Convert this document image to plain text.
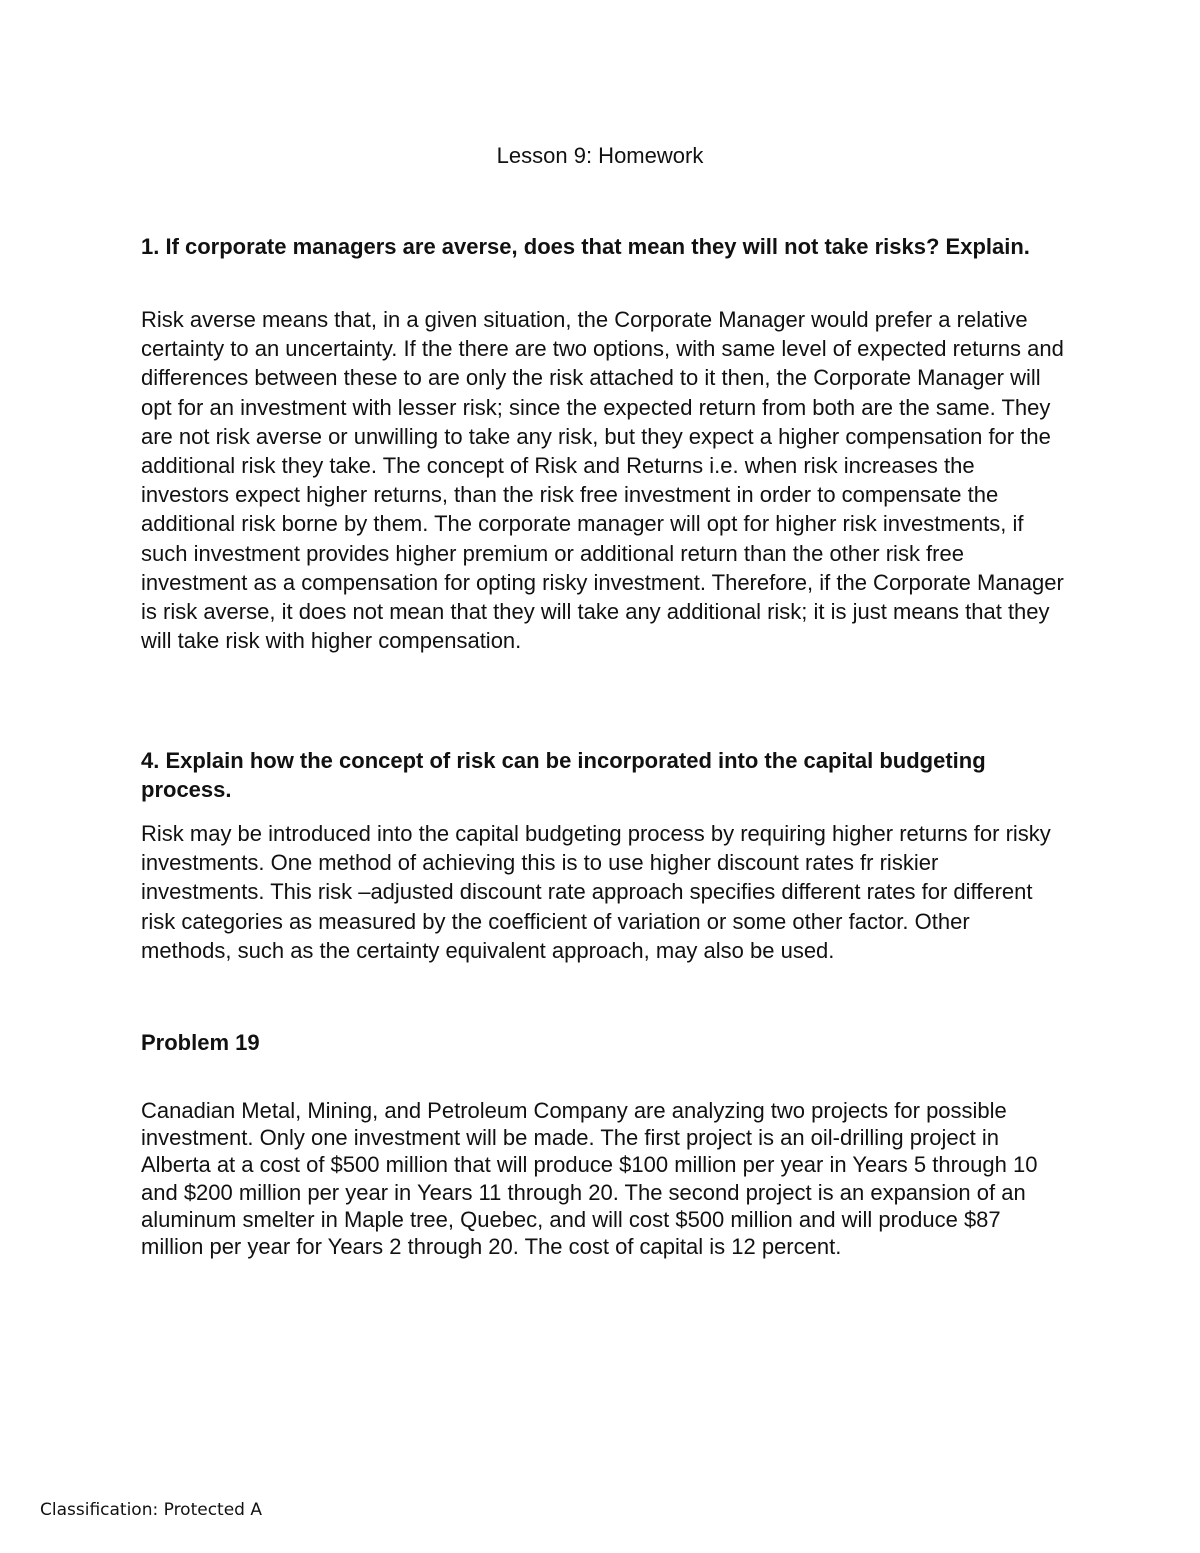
Lesson 9: Homework

1. If corporate managers are averse, does that mean they will not take risks? Explain.

Risk averse means that, in a given situation, the Corporate Manager would prefer a relative certainty to an uncertainty. If the there are two options, with same level of expected returns and differences between these to are only the risk attached to it then, the Corporate Manager will opt for an investment with lesser risk; since the expected return from both are the same. They are not risk averse or unwilling to take any risk, but they expect a higher compensation for the additional risk they take. The concept of Risk and Returns i.e. when risk increases the investors expect higher returns, than the risk free investment in order to compensate the additional risk borne by them. The corporate manager will opt for higher risk investments, if such investment provides higher premium or additional return than the other risk free investment as a compensation for opting risky investment. Therefore, if the Corporate Manager is risk averse, it does not mean that they will take any additional risk; it is just means that they will take risk with higher compensation.

4. Explain how the concept of risk can be incorporated into the capital budgeting process.

Risk may be introduced into the capital budgeting process by requiring higher returns for risky investments. One method of achieving this is to use higher discount rates fr riskier investments. This risk –adjusted discount rate approach specifies different rates for different risk categories as measured by the coefficient of variation or some other factor. Other methods, such as the certainty equivalent approach, may also be used.

Problem 19

Canadian Metal, Mining, and Petroleum Company are analyzing two projects for possible investment. Only one investment will be made. The first project is an oil-drilling project in Alberta at a cost of $500 million that will produce $100 million per year in Years 5 through 10 and $200 million per year in Years 11 through 20. The second project is an expansion of an aluminum smelter in Maple tree, Quebec, and will cost $500 million and will produce $87 million per year for Years 2 through 20. The cost of capital is 12 percent.

Classification: Protected A
